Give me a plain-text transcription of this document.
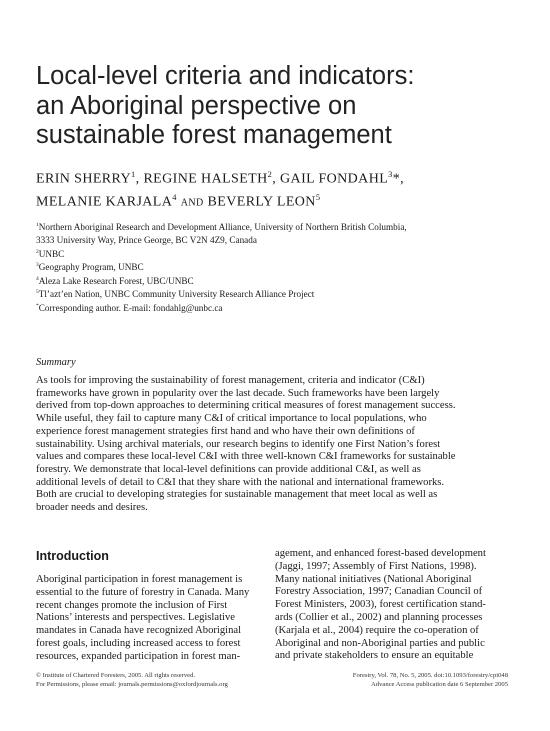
Local-level criteria and indicators:
an Aboriginal perspective on
sustainable forest management
ERIN SHERRY$^1$, REGINE HALSETH$^2$, GAIL FONDAHL$^3$*,
MELANIE KARJALA$^4$ and BEVERLY LEON$^5$
$^1$Northern Aboriginal Research and Development Alliance, University of Northern British Columbia,
3333 University Way, Prince George, BC V2N 4Z9, Canada
$^2$UNBC
$^3$Geography Program, UNBC
$^4$Aleza Lake Research Forest, UBC/UNBC
$^5$Tl’azt’en Nation, UNBC Community University Research Alliance Project
*Corresponding author. E-mail: fondahlg@unbc.ca
Summary
As tools for improving the sustainability of forest management, criteria and indicator (C&I)
frameworks have grown in popularity over the last decade. Such frameworks have been largely
derived from top-down approaches to determining critical measures of forest management success.
While useful, they fail to capture many C&I of critical importance to local populations, who
experience forest management strategies first hand and who have their own definitions of
sustainability. Using archival materials, our research begins to identify one First Nation’s forest
values and compares these local-level C&I with three well-known C&I frameworks for sustainable
forestry. We demonstrate that local-level definitions can provide additional C&I, as well as
additional levels of detail to C&I that they share with the national and international frameworks.
Both are crucial to developing strategies for sustainable management that meet local as well as
broader needs and desires.
Introduction
Aboriginal participation in forest management is
essential to the future of forestry in Canada. Many
recent changes promote the inclusion of First
Nations’ interests and perspectives. Legislative
mandates in Canada have recognized Aboriginal
forest goals, including increased access to forest
resources, expanded participation in forest man-
agement, and enhanced forest-based development
(Jaggi, 1997; Assembly of First Nations, 1998).
Many national initiatives (National Aboriginal
Forestry Association, 1997; Canadian Council of
Forest Ministers, 2003), forest certification stand-
ards (Collier et al., 2002) and planning processes
(Karjala et al., 2004) require the co-operation of
Aboriginal and non-Aboriginal parties and public
and private stakeholders to ensure an equitable
© Institute of Chartered Foresters, 2005. All rights reserved.
For Permissions, please email: journals.permissions@oxfordjournals.org
Forestry, Vol. 78, No. 5, 2005. doi:10.1093/forestry/cpi048
Advance Access publication date 6 September 2005
